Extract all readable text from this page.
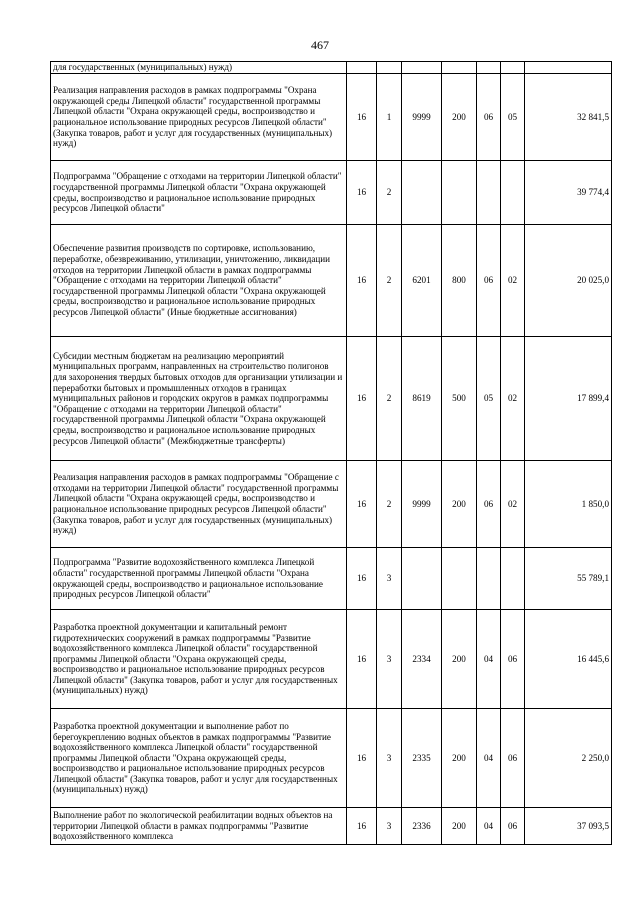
467
для государственных (муниципальных) нужд)							
Реализация направления расходов в рамках подпрограммы "Охрана окружающей среды Липецкой области" государственной программы Липецкой области "Охрана окружающей среды, воспроизводство и рациональное использование природных ресурсов Липецкой области" (Закупка товаров, работ и услуг для государственных (муниципальных) нужд)	16	1	9999	200	06	05	32 841,5
Подпрограмма "Обращение с отходами на территории Липецкой области" государственной программы Липецкой области "Охрана окружающей среды, воспроизводство и рациональное использование природных ресурсов Липецкой области"	16	2					39 774,4
Обеспечение развития производств по сортировке, использованию, переработке, обезвреживанию, утилизации, уничтожению, ликвидации отходов на территории Липецкой области в рамках подпрограммы "Обращение с отходами на территории Липецкой области" государственной программы Липецкой области "Охрана окружающей среды, воспроизводство и рациональное использование природных ресурсов Липецкой области" (Иные бюджетные ассигнования)	16	2	6201	800	06	02	20 025,0
Субсидии местным бюджетам на реализацию мероприятий муниципальных программ, направленных на строительство полигонов для захоронения твердых бытовых отходов для организации утилизации и переработки бытовых и промышленных отходов в границах муниципальных районов и городских округов в рамках подпрограммы "Обращение с отходами на территории Липецкой области" государственной программы Липецкой области "Охрана окружающей среды, воспроизводство и рациональное использование природных ресурсов Липецкой области" (Межбюджетные трансферты)	16	2	8619	500	05	02	17 899,4
Реализация направления расходов в рамках подпрограммы "Обращение с отходами на территории Липецкой области" государственной программы Липецкой области "Охрана окружающей среды, воспроизводство и рациональное использование природных ресурсов Липецкой области" (Закупка товаров, работ и услуг для государственных (муниципальных) нужд)	16	2	9999	200	06	02	1 850,0
Подпрограмма "Развитие водохозяйственного комплекса Липецкой области" государственной программы Липецкой области "Охрана окружающей среды, воспроизводство и рациональное использование природных ресурсов Липецкой области"	16	3					55 789,1
Разработка проектной документации и капитальный ремонт гидротехнических сооружений в рамках подпрограммы "Развитие водохозяйственного комплекса Липецкой области" государственной программы Липецкой области "Охрана окружающей среды, воспроизводство и рациональное использование природных ресурсов Липецкой области" (Закупка товаров, работ и услуг для государственных (муниципальных) нужд)	16	3	2334	200	04	06	16 445,6
Разработка проектной документации и выполнение работ по берегоукреплению водных объектов в рамках подпрограммы "Развитие водохозяйственного комплекса Липецкой области" государственной программы Липецкой области "Охрана окружающей среды, воспроизводство и рациональное использование природных ресурсов Липецкой области" (Закупка товаров, работ и услуг для государственных (муниципальных) нужд)	16	3	2335	200	04	06	2 250,0
Выполнение работ по экологической реабилитации водных объектов на территории Липецкой области в рамках подпрограммы "Развитие водохозяйственного комплекса	16	3	2336	200	04	06	37 093,5
